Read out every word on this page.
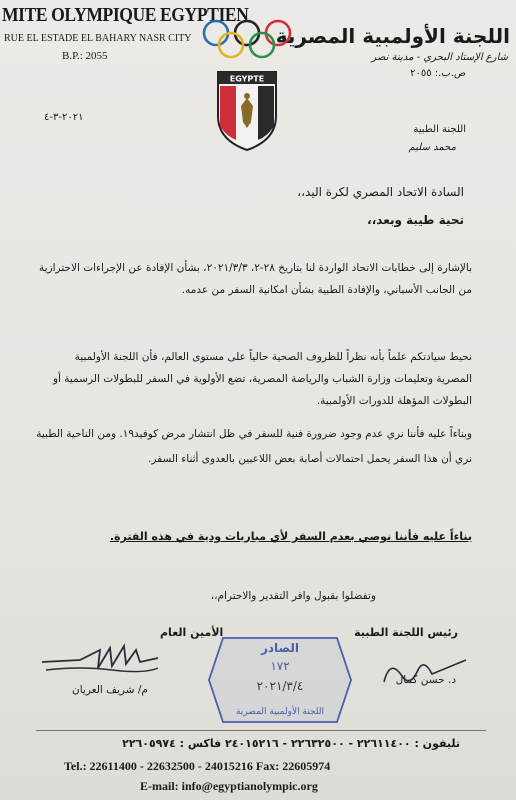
MITE OLYMPIQUE EGYPTIEN
RUE EL ESTADE EL BAHARY NASR CITY
B.P.: 2055
اللجنة الأولمبية المصرية
شارع الإستاد البحري - مدينة نصر
ص.ب.: ٢٠٥٥
EGYPTE
٢٠٢١-٣-٤
اللجنة الطبية
محمد سليم
السادة الاتحاد المصري لكرة اليد،،
تحية طيبة وبعد،،
بالإشارة إلى خطابات الاتحاد الواردة لنا بتاريخ ٢٨-٢، ٢٠٢١/٣/٣، بشأن الإفادة عن الإجراءات الاحترازية من الجانب الأسباني، والإفادة الطبية بشأن امكانية السفر من عدمه.
نحيط سيادتكم علماً بأنه نظراً للظروف الصحية حالياً على مستوى العالم، فأن اللجنة الأولمبية المصرية وتعليمات وزارة الشباب والرياضة المصرية، تضع الأولوية في السفر للبطولات الرسمية أو البطولات المؤهلة للدورات الأولمبية.
وبناءاً عليه فأننا نري عدم وجود ضرورة فنية للسفر في ظل انتشار مرض كوفيد١٩. ومن الناحية الطبية نري أن هذا السفر يحمل احتمالات أصابة بعض اللاعبين بالعدوى أثناء السفر.
بناءاً عليه فأننا نوصي بعدم السفر لأي مباريات ودية في هذه الفترة.
وتفضلوا بقبول وافر التقدير والاحترام،،
رئيس اللجنة الطبية
د. حسن كمال
الأمين العام
م/ شريف العريان
الصادر
١٧٢
٢٠٢١/٣/٤
اللجنة الأولمبية المصرية
تليفون : ٢٢٦١١٤٠٠ - ٢٢٦٣٢٥٠٠ - ٢٤٠١٥٢١٦ فاكس : ٢٢٦٠٥٩٧٤
Tel.: 22611400 - 22632500 - 24015216 Fax: 22605974
E-mail: info@egyptianolympic.org
